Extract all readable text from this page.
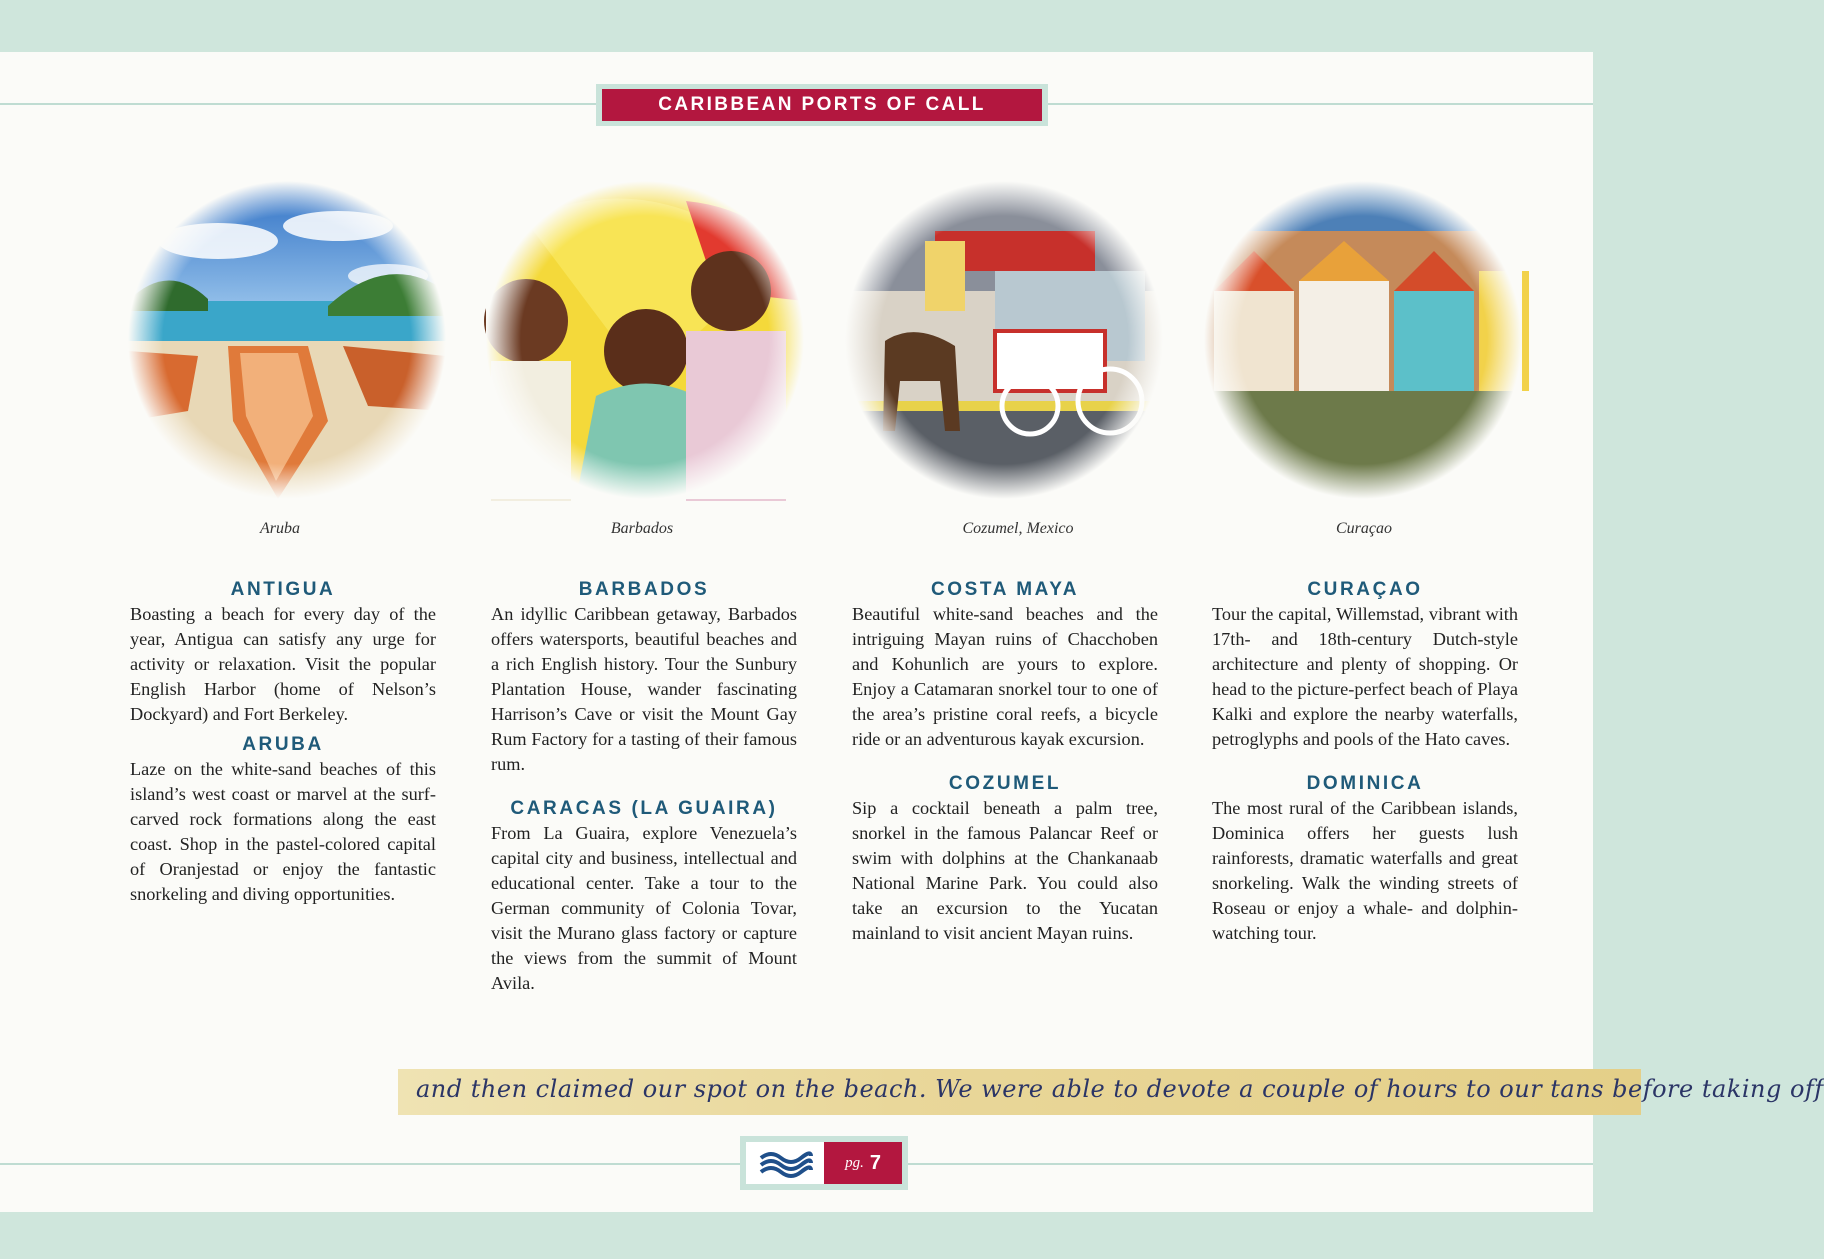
CARIBBEAN PORTS OF CALL
Aruba	Barbados	Cozumel, Mexico	Curaçao
ANTIGUA

Boasting a beach for every day of the year, Antigua can satisfy any urge for activity or relaxation. Visit the popular English Harbor (home of Nelson’s Dockyard) and Fort Berkeley.

ARUBA

Laze on the white-sand beaches of this island’s west coast or marvel at the surf-carved rock formations along the east coast. Shop in the pastel-colored capital of Oranjestad or enjoy the fantastic snorkeling and diving opportunities.

BARBADOS

An idyllic Caribbean getaway, Barbados offers watersports, beautiful beaches and a rich English history. Tour the Sunbury Plantation House, wander fascinating Harrison’s Cave or visit the Mount Gay Rum Factory for a tasting of their famous rum.

CARACAS (LA GUAIRA)

From La Guaira, explore Venezuela’s capital city and business, intellectual and educational center. Take a tour to the German community of Colonia Tovar, visit the Murano glass factory or capture the views from the summit of Mount Avila.

COSTA MAYA

Beautiful white-sand beaches and the intriguing Mayan ruins of Chacchoben and Kohunlich are yours to explore. Enjoy a Catamaran snorkel tour to one of the area’s pristine coral reefs, a bicycle ride or an adventurous kayak excursion.

COZUMEL

Sip a cocktail beneath a palm tree, snorkel in the famous Palancar Reef or swim with dolphins at the Chankanaab National Marine Park. You could also take an excursion to the Yucatan mainland to visit ancient Mayan ruins.

CURAÇAO

Tour the capital, Willemstad, vibrant with 17th- and 18th-century Dutch-style architecture and plenty of shopping. Or head to the picture-perfect beach of Playa Kalki and explore the nearby waterfalls, petroglyphs and pools of the Hato caves.

DOMINICA

The most rural of the Caribbean islands, Dominica offers her guests lush rainforests, dramatic waterfalls and great snorkeling. Walk the winding streets of Roseau or enjoy a whale- and dolphin-watching tour.

and then claimed our spot on the beach. We were able to devote a couple of hours to our tans before taking off
pg. 7
